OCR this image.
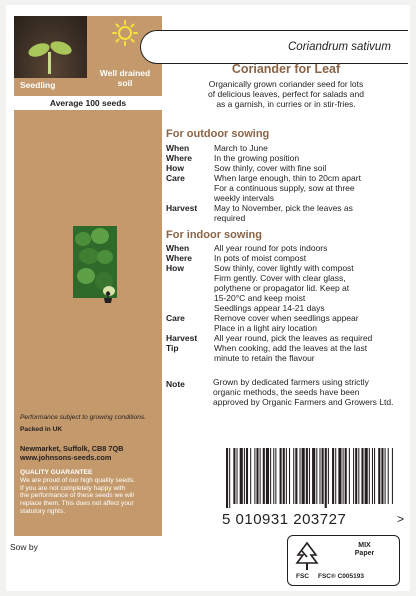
Seedling
Well drained
soil
Average 100 seeds
Performance subject to growing conditions.
Packed in UK
Newmarket, Suffolk, CB8 7QB
www.johnsons-seeds.com
QUALITY GUARANTEE
We are proud of our high quality seeds.
If you are not completely happy with
the performance of these seeds we will
replace them. This does not affect your
statutory rights.
Sow by
Coriandrum sativum
Coriander for Leaf
Organically grown coriander seed for lots
of delicious leaves, perfect for salads and
as a garnish, in curries or in stir-fries.
For outdoor sowing
When	March to June
Where	In the growing position
How	Sow thinly, cover with fine soil
Care	When large enough, thin to 20cm apart
For a continuous supply, sow at three
weekly intervals
Harvest May to November, pick the leaves as
required
For indoor sowing
When	All year round for pots indoors
Where	In pots of moist compost
How	Sow thinly, cover lightly with compost
Firm gently. Cover with clear glass,
polythene or propagator lid. Keep at
15-20°C and keep moist
Seedlings appear 14-21 days
Care	Remove cover when seedlings appear
Place in a light airy location
Harvest All year round, pick the leaves as required
Tip	When cooking, add the leaves at the last
minute to retain the flavour
Note	Grown by dedicated farmers using strictly
organic methods, the seeds have been
approved by Organic Farmers and Growers Ltd.
5 010931 203727	>
FSC
MIX
Paper
FSC® C005193
